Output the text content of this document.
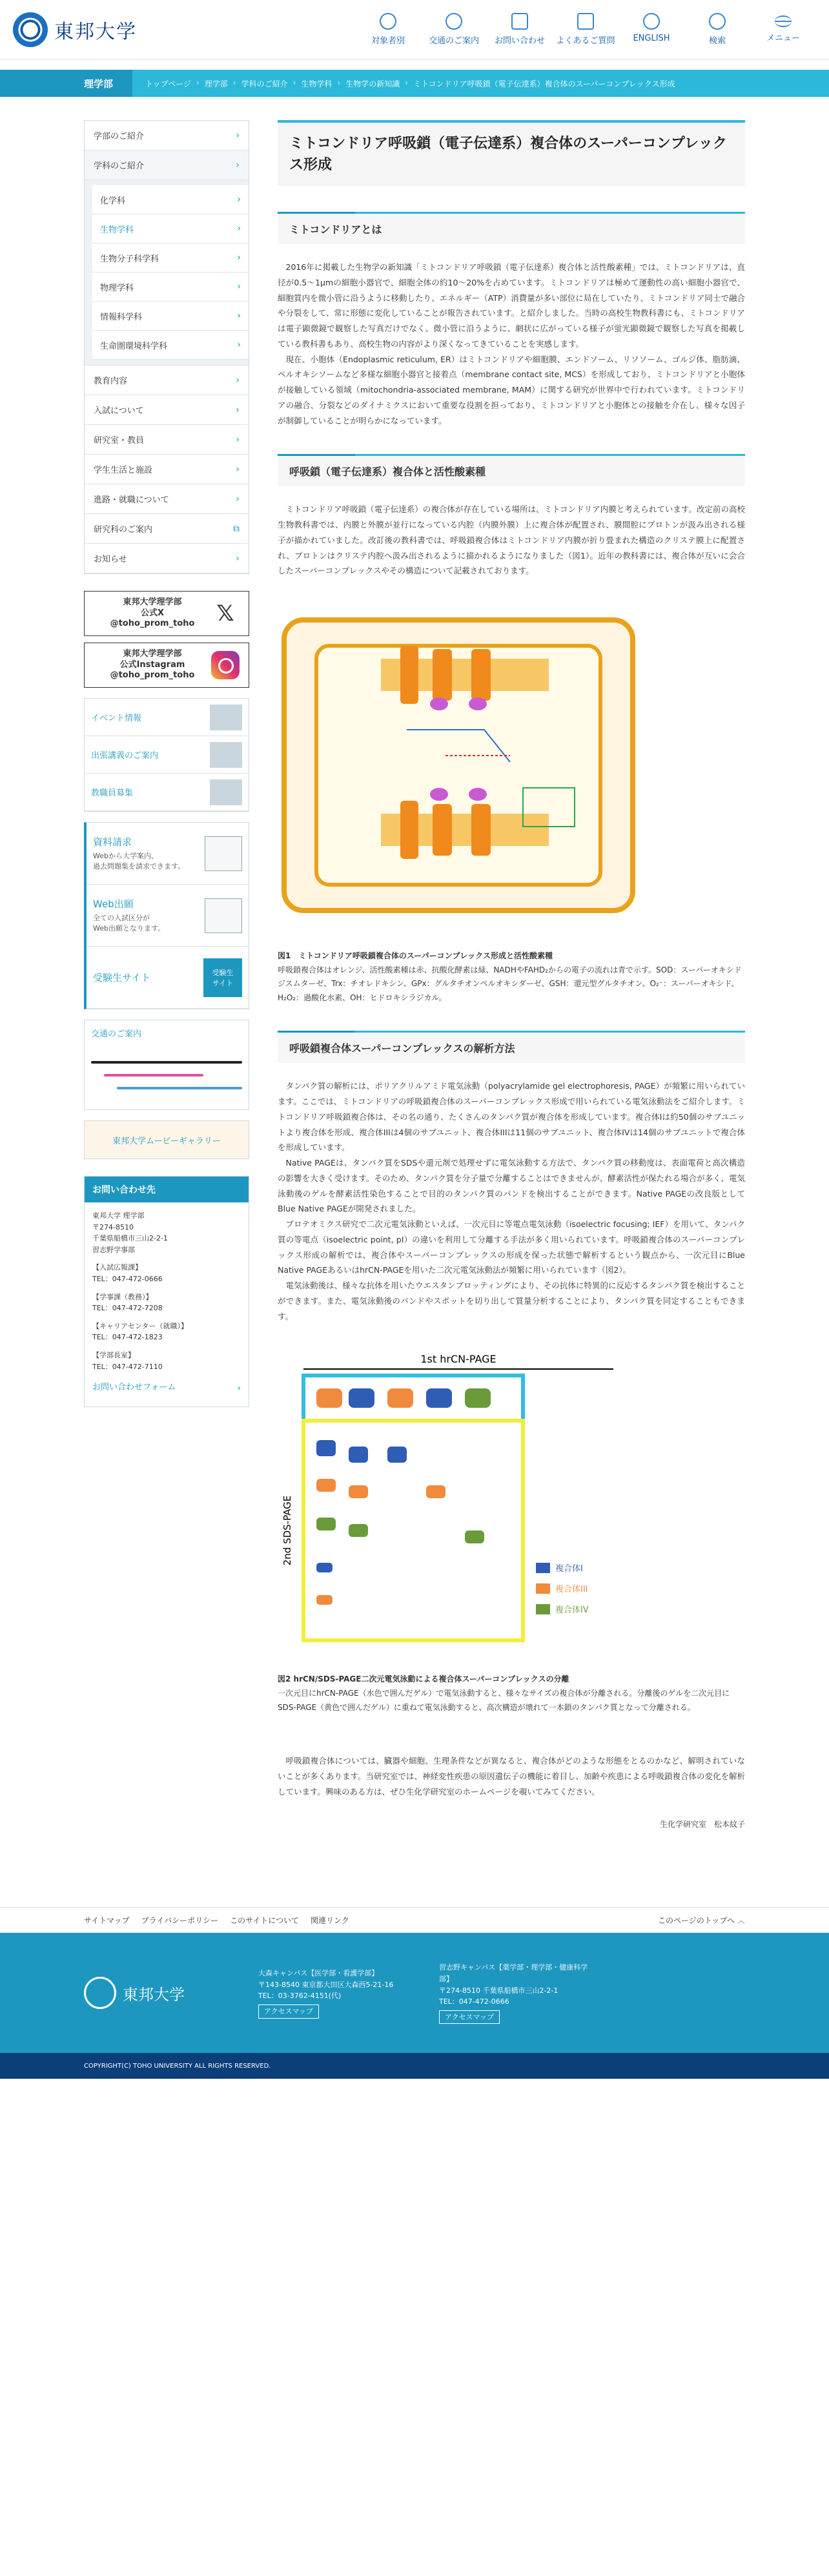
東邦大学	対象者別	交通のご案内	お問い合わせ	よくあるご質問	ENGLISH	検索	メニュー
理学部	トップページ › 理学部 › 学科のご紹介 › 生物学科 › 生物学の新知識 › ミトコンドリア呼吸鎖（電子伝達系）複合体のスーパーコンプレックス形成
学部のご紹介	›
学科のご紹介	›
化学科	›
生物学科	›
生物分子科学科	›
物理学科	›
情報科学科	›
生命圏環境科学科	›
教育内容	›
入試について	›
研究室・教員	›
学生生活と施設	›
進路・就職について	›
研究科のご案内	⧉
お知らせ	›
東邦大学理学部
公式X
@toho_prom_toho 𝕏
東邦大学理学部
公式Instagram
@toho_prom_toho
イベント情報
出張講義のご案内
教職員募集
資料請求
Webから大学案内、
過去問題集を請求できます。
Web出願
全ての入試区分が
Web出願となります。
受験生サイト	受験生
サイト
交通のご案内
東邦大学ムービーギャラリー
お問い合わせ先

東邦大学 理学部
〒274-8510
千葉県船橋市三山2-2-1
習志野学事部

【入試広報課】
TEL：047-472-0666

【学事課（教務）】
TEL：047-472-7208

【キャリアセンター（就職）】
TEL：047-472-1823

【学部長室】
TEL：047-472-7110

お問い合わせフォーム	›
ミトコンドリア呼吸鎖（電子伝達系）複合体のスーパーコンプレックス形成
ミトコンドリアとは

2016年に掲載した生物学の新知識「ミトコンドリア呼吸鎖（電子伝達系）複合体と活性酸素種」では、ミトコンドリアは、直径が0.5〜1μmの細胞小器官で、細胞全体の約10〜20%を占めています。ミトコンドリアは極めて運動性の高い細胞小器官で、細胞質内を微小管に沿うように移動したり、エネルギー（ATP）消費量が多い部位に局在していたり、ミトコンドリア同士で融合や分裂をして、常に形態に変化していることが報告されています。と紹介しました。当時の高校生物教科書にも、ミトコンドリアは電子顕微鏡で観察した写真だけでなく、微小管に沿うように、網状に広がっている様子が蛍光顕微鏡で観察した写真を掲載している教科書もあり、高校生物の内容がより深くなってきていることを実感します。

現在、小胞体（Endoplasmic reticulum, ER）はミトコンドリアや細胞膜、エンドソーム、リソソーム、ゴルジ体、脂肪滴、ペルオキシソームなど多様な細胞小器官と接着点（membrane contact site, MCS）を形成しており、ミトコンドリアと小胞体が接触している領域（mitochondria-associated membrane, MAM）に関する研究が世界中で行われています。ミトコンドリアの融合、分裂などのダイナミクスにおいて重要な役割を担っており、ミトコンドリアと小胞体との接触を介在し、様々な因子が制御していることが明らかになっています。

呼吸鎖（電子伝達系）複合体と活性酸素種

ミトコンドリア呼吸鎖（電子伝達系）の複合体が存在している場所は、ミトコンドリア内膜と考えられています。改定前の高校生物教科書では、内膜と外膜が並行になっている内腔（内膜外膜）上に複合体が配置され、膜間腔にプロトンが汲み出される様子が描かれていました。改訂後の教科書では、呼吸鎖複合体はミトコンドリア内膜が折り畳まれた構造のクリステ膜上に配置され、プロトンはクリステ内腔へ汲み出されるように描かれるようになりました（図1）。近年の教科書には、複合体が互いに会合したスーパーコンプレックスやその構造について記載されております。

図1　ミトコンドリア呼吸鎖複合体のスーパーコンプレックス形成と活性酸素種
呼吸鎖複合体はオレンジ、活性酸素種は赤、抗酸化酵素は緑、NADHやFAHD₂からの電子の流れは青で示す。SOD：スーパーオキシドジスムターゼ、Trx：チオレドキシン、GPx：グルタチオンペルオキシダーゼ、GSH：還元型グルタチオン、O₂⁻：スーパーオキシド、H₂O₂：過酸化水素、OH：ヒドロキシラジカル。

呼吸鎖複合体スーパーコンプレックスの解析方法

タンパク質の解析には、ポリアクリルアミド電気泳動（polyacrylamide gel electrophoresis, PAGE）が頻繁に用いられています。ここでは、ミトコンドリアの呼吸鎖複合体のスーパーコンプレックス形成で用いられている電気泳動法をご紹介します。ミトコンドリア呼吸鎖複合体は、その名の通り、たくさんのタンパク質が複合体を形成しています。複合体Iは約50個のサブユニットより複合体を形成、複合体IIIは4個のサブユニット、複合体IIIは11個のサブユニット、複合体IVは14個のサブユニットで複合体を形成しています。

Native PAGEは、タンパク質をSDSや還元剤で処理せずに電気泳動する方法で、タンパク質の移動度は、表面電荷と高次構造の影響を大きく受けます。そのため、タンパク質を分子量で分離することはできませんが、酵素活性が保たれる場合が多く、電気泳動後のゲルを酵素活性染色することで目的のタンパク質のバンドを検出することができます。Native PAGEの改良版としてBlue Native PAGEが開発されました。

プロテオミクス研究で二次元電気泳動といえば、一次元目に等電点電気泳動（isoelectric focusing; IEF）を用いて、タンパク質の等電点（isoelectric point, pI）の違いを利用して分離する手法が多く用いられています。呼吸鎖複合体のスーパーコンプレックス形成の解析では、複合体やスーパーコンプレックスの形成を保った状態で解析するという観点から、一次元目にBlue Native PAGEあるいはhrCN-PAGEを用いた二次元電気泳動法が頻繁に用いられています（図2）。

電気泳動後は、様々な抗体を用いたウエスタンブロッティングにより、その抗体に特異的に反応するタンパク質を検出することができます。また、電気泳動後のバンドやスポットを切り出して質量分析することにより、タンパク質を同定することもできます。

1st hrCN-PAGE
2nd SDS-PAGE
複合体I
複合体III
複合体IV

図2 hrCN/SDS-PAGE二次元電気泳動による複合体スーパーコンプレックスの分離
一次元目にhrCN-PAGE（水色で囲んだゲル）で電気泳動すると、様々なサイズの複合体が分離される。分離後のゲルを二次元目にSDS-PAGE（黄色で囲んだゲル）に重ねて電気泳動すると、高次構造が壊れて一本鎖のタンパク質となって分離される。

呼吸鎖複合体については、臓器や細胞、生理条件などが異なると、複合体がどのような形態をとるのかなど、解明されていないことが多くあります。当研究室では、神経変性疾患の原因遺伝子の機能に着目し、加齢や疾患による呼吸鎖複合体の変化を解析しています。興味のある方は、ぜひ生化学研究室のホームページを覗いてみてください。

生化学研究室　松本紋子

サイトマップ プライバシーポリシー このサイトについて 関連リンク	このページのトップへ ︿
東邦大学
大森キャンパス【医学部・看護学部】
〒143-8540 東京都大田区大森西5-21-16
TEL：03-3762-4151(代)
アクセスマップ
習志野キャンパス【薬学部・理学部・健康科学部】
〒274-8510 千葉県船橋市三山2-2-1
TEL：047-472-0666
アクセスマップ
COPYRIGHT(C) TOHO UNIVERSITY ALL RIGHTS RESERVED.
